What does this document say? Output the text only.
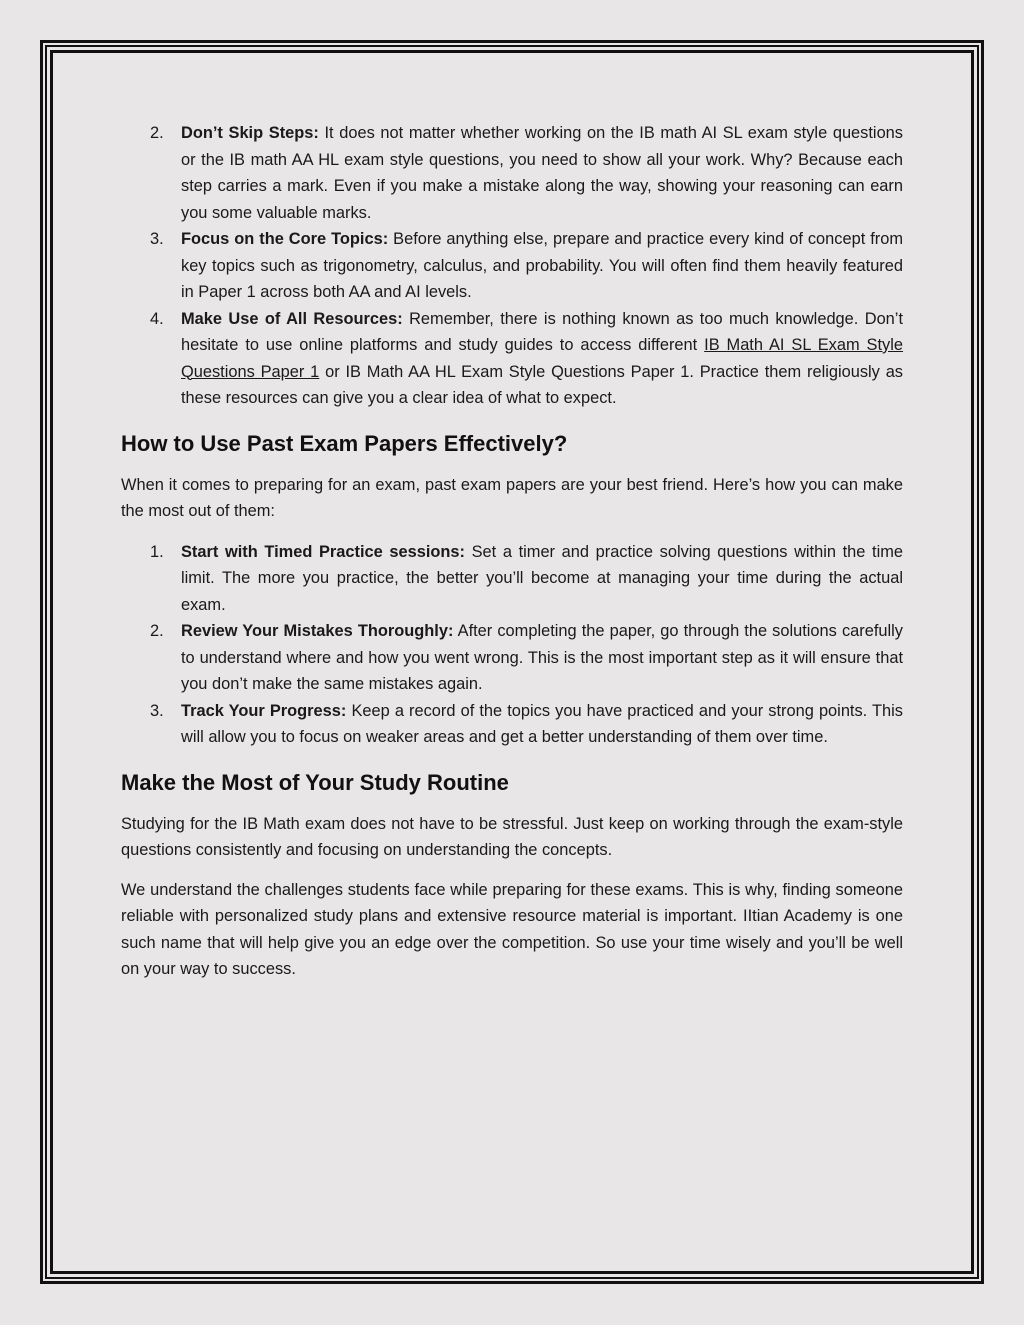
2. Don’t Skip Steps: It does not matter whether working on the IB math AI SL exam style questions or the IB math AA HL exam style questions, you need to show all your work. Why? Because each step carries a mark. Even if you make a mistake along the way, showing your reasoning can earn you some valuable marks.
3. Focus on the Core Topics: Before anything else, prepare and practice every kind of concept from key topics such as trigonometry, calculus, and probability. You will often find them heavily featured in Paper 1 across both AA and AI levels.
4. Make Use of All Resources: Remember, there is nothing known as too much knowledge. Don’t hesitate to use online platforms and study guides to access different IB Math AI SL Exam Style Questions Paper 1 or IB Math AA HL Exam Style Questions Paper 1. Practice them religiously as these resources can give you a clear idea of what to expect.
How to Use Past Exam Papers Effectively?

When it comes to preparing for an exam, past exam papers are your best friend. Here’s how you can make the most out of them:

1. Start with Timed Practice sessions: Set a timer and practice solving questions within the time limit. The more you practice, the better you’ll become at managing your time during the actual exam.
2. Review Your Mistakes Thoroughly: After completing the paper, go through the solutions carefully to understand where and how you went wrong. This is the most important step as it will ensure that you don’t make the same mistakes again.
3. Track Your Progress: Keep a record of the topics you have practiced and your strong points. This will allow you to focus on weaker areas and get a better understanding of them over time.
Make the Most of Your Study Routine

Studying for the IB Math exam does not have to be stressful. Just keep on working through the exam-style questions consistently and focusing on understanding the concepts.

We understand the challenges students face while preparing for these exams. This is why, finding someone reliable with personalized study plans and extensive resource material is important. IItian Academy is one such name that will help give you an edge over the competition. So use your time wisely and you’ll be well on your way to success.
